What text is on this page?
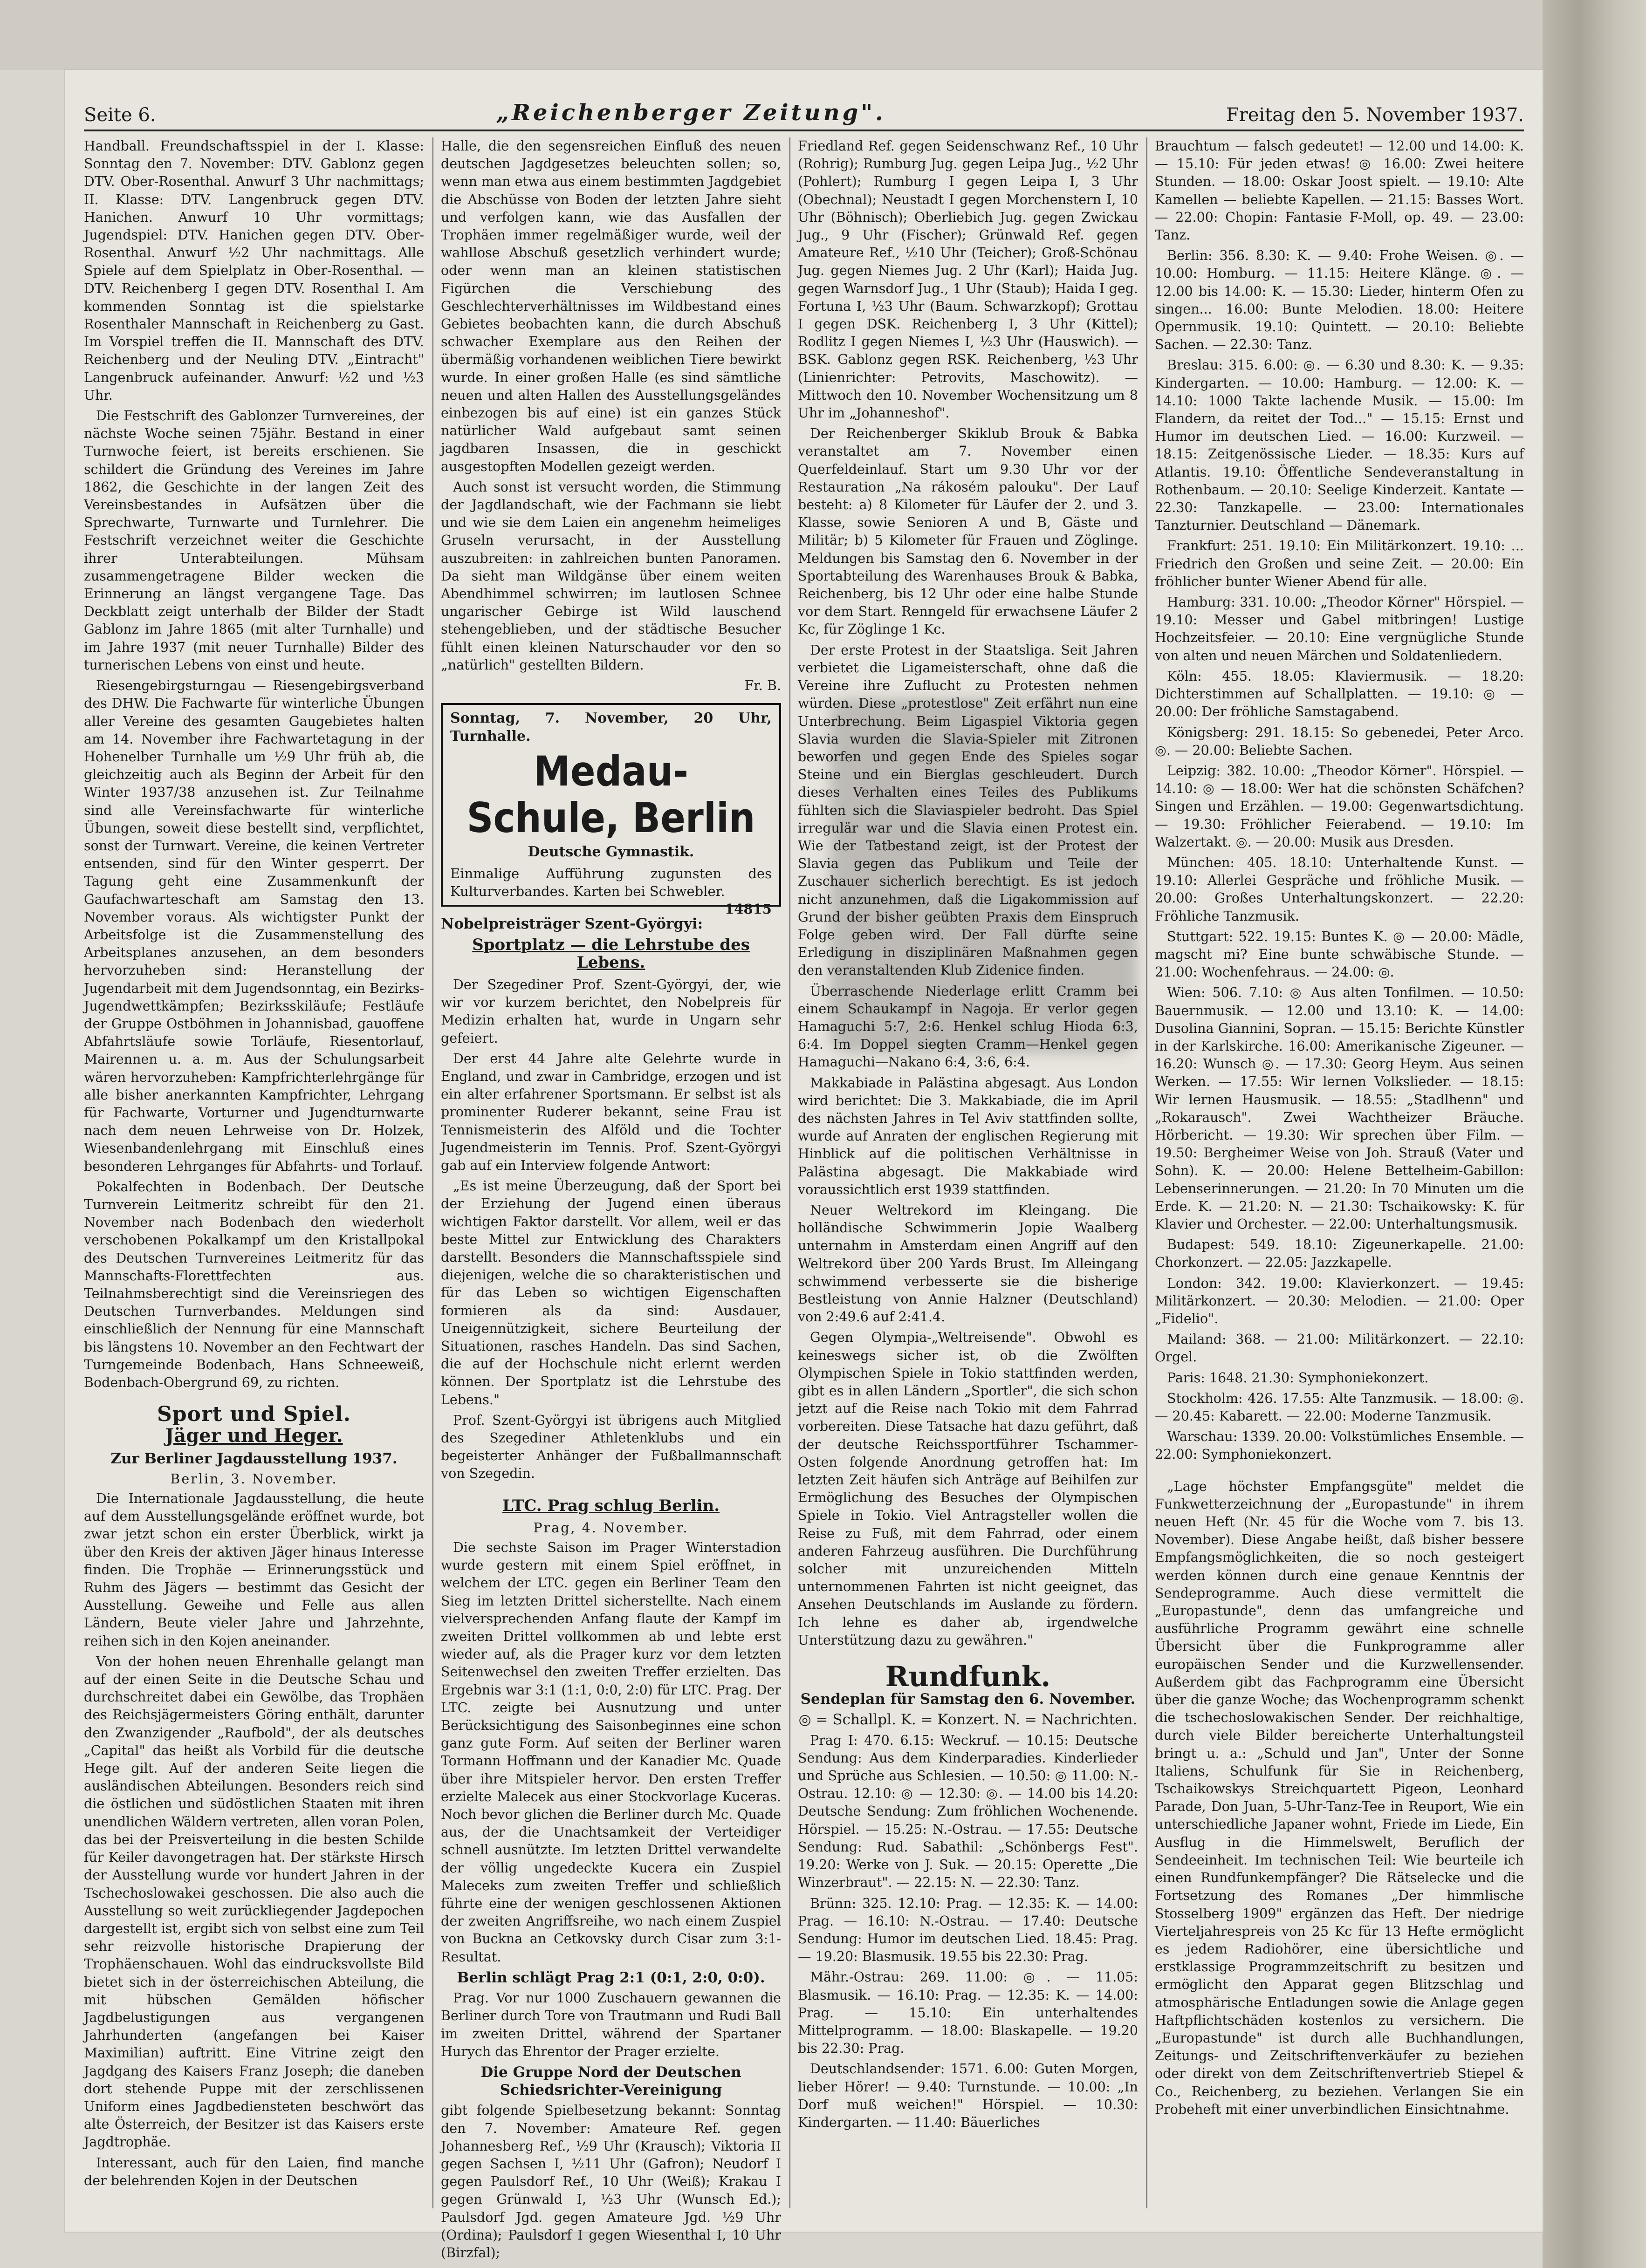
Seite 6.	„Reichenberger Zeitung".	Freitag den 5. November 1937.

Handball. Freundschaftsspiel in der I. Klasse: Sonntag den 7. November: DTV. Gablonz gegen DTV. Ober-Rosenthal. Anwurf 3 Uhr nachmittags; II. Klasse: DTV. Langenbruck gegen DTV. Hanichen. Anwurf 10 Uhr vormittags; Jugendspiel: DTV. Hanichen gegen DTV. Ober-Rosenthal. Anwurf ½2 Uhr nachmittags. Alle Spiele auf dem Spielplatz in Ober-Rosenthal. — DTV. Reichenberg I gegen DTV. Rosenthal I. Am kommenden Sonntag ist die spielstarke Rosenthaler Mannschaft in Reichenberg zu Gast. Im Vorspiel treffen die II. Mannschaft des DTV. Reichenberg und der Neuling DTV. „Eintracht" Langenbruck aufeinander. Anwurf: ½2 und ½3 Uhr.

Die Festschrift des Gablonzer Turnvereines, der nächste Woche seinen 75jähr. Bestand in einer Turnwoche feiert, ist bereits erschienen. Sie schildert die Gründung des Vereines im Jahre 1862, die Geschichte in der langen Zeit des Vereinsbestandes in Aufsätzen über die Sprechwarte, Turnwarte und Turnlehrer. Die Festschrift verzeichnet weiter die Geschichte ihrer Unterabteilungen. Mühsam zusammengetragene Bilder wecken die Erinnerung an längst vergangene Tage. Das Deckblatt zeigt unterhalb der Bilder der Stadt Gablonz im Jahre 1865 (mit alter Turnhalle) und im Jahre 1937 (mit neuer Turnhalle) Bilder des turnerischen Lebens von einst und heute.

Riesengebirgsturngau — Riesengebirgsverband des DHW. Die Fachwarte für winterliche Übungen aller Vereine des gesamten Gaugebietes halten am 14. November ihre Fachwartetagung in der Hohenelber Turnhalle um ½9 Uhr früh ab, die gleichzeitig auch als Beginn der Arbeit für den Winter 1937/38 anzusehen ist. Zur Teilnahme sind alle Vereinsfachwarte für winterliche Übungen, soweit diese bestellt sind, verpflichtet, sonst der Turnwart. Vereine, die keinen Vertreter entsenden, sind für den Winter gesperrt. Der Tagung geht eine Zusammenkunft der Gaufachwarteschaft am Samstag den 13. November voraus. Als wichtigster Punkt der Arbeitsfolge ist die Zusammenstellung des Arbeitsplanes anzusehen, an dem besonders hervorzuheben sind: Heranstellung der Jugendarbeit mit dem Jugendsonntag, ein Bezirks-Jugendwettkämpfen; Bezirksskiläufe; Festläufe der Gruppe Ostböhmen in Johannisbad, gauoffene Abfahrtsläufe sowie Torläufe, Riesentorlauf, Mairennen u. a. m. Aus der Schulungsarbeit wären hervorzuheben: Kampfrichterlehrgänge für alle bisher anerkannten Kampfrichter, Lehrgang für Fachwarte, Vorturner und Jugendturnwarte nach dem neuen Lehrweise von Dr. Holzek, Wiesenbandenlehrgang mit Einschluß eines besonderen Lehrganges für Abfahrts- und Torlauf.

Pokalfechten in Bodenbach. Der Deutsche Turnverein Leitmeritz schreibt für den 21. November nach Bodenbach den wiederholt verschobenen Pokalkampf um den Kristallpokal des Deutschen Turnvereines Leitmeritz für das Mannschafts-Florettfechten aus. Teilnahmsberechtigt sind die Vereinsriegen des Deutschen Turnverbandes. Meldungen sind einschließlich der Nennung für eine Mannschaft bis längstens 10. November an den Fechtwart der Turngemeinde Bodenbach, Hans Schneeweiß, Bodenbach-Obergrund 69, zu richten.

Sport und Spiel.
Jäger und Heger.
Zur Berliner Jagdausstellung 1937.
Berlin, 3. November.

Die Internationale Jagdausstellung, die heute auf dem Ausstellungsgelände eröffnet wurde, bot zwar jetzt schon ein erster Überblick, wirkt ja über den Kreis der aktiven Jäger hinaus Interesse finden. Die Trophäe — Erinnerungsstück und Ruhm des Jägers — bestimmt das Gesicht der Ausstellung. Geweihe und Felle aus allen Ländern, Beute vieler Jahre und Jahrzehnte, reihen sich in den Kojen aneinander.

Von der hohen neuen Ehrenhalle gelangt man auf der einen Seite in die Deutsche Schau und durchschreitet dabei ein Gewölbe, das Trophäen des Reichsjägermeisters Göring enthält, darunter den Zwanzigender „Raufbold", der als deutsches „Capital" das heißt als Vorbild für die deutsche Hege gilt. Auf der anderen Seite liegen die ausländischen Abteilungen. Besonders reich sind die östlichen und südöstlichen Staaten mit ihren unendlichen Wäldern vertreten, allen voran Polen, das bei der Preisverteilung in die besten Schilde für Keiler davongetragen hat. Der stärkste Hirsch der Ausstellung wurde vor hundert Jahren in der Tschechoslowakei geschossen. Die also auch die Ausstellung so weit zurückliegender Jagdepochen dargestellt ist, ergibt sich von selbst eine zum Teil sehr reizvolle historische Drapierung der Trophäenschauen. Wohl das eindrucksvollste Bild bietet sich in der österreichischen Abteilung, die mit hübschen Gemälden höfischer Jagdbelustigungen aus vergangenen Jahrhunderten (angefangen bei Kaiser Maximilian) auftritt. Eine Vitrine zeigt den Jagdgang des Kaisers Franz Joseph; die daneben dort stehende Puppe mit der zerschlissenen Uniform eines Jagdbediensteten beschwört das alte Österreich, der Besitzer ist das Kaisers erste Jagdtrophäe.

Interessant, auch für den Laien, find manche der belehrenden Kojen in der Deutschen

Halle, die den segensreichen Einfluß des neuen deutschen Jagdgesetzes beleuchten sollen; so, wenn man etwa aus einem bestimmten Jagdgebiet die Abschüsse von Boden der letzten Jahre sieht und verfolgen kann, wie das Ausfallen der Trophäen immer regelmäßiger wurde, weil der wahllose Abschuß gesetzlich verhindert wurde; oder wenn man an kleinen statistischen Figürchen die Verschiebung des Geschlechterverhältnisses im Wildbestand eines Gebietes beobachten kann, die durch Abschuß schwacher Exemplare aus den Reihen der übermäßig vorhandenen weiblichen Tiere bewirkt wurde. In einer großen Halle (es sind sämtliche neuen und alten Hallen des Ausstellungsgeländes einbezogen bis auf eine) ist ein ganzes Stück natürlicher Wald aufgebaut samt seinen jagdbaren Insassen, die in geschickt ausgestopften Modellen gezeigt werden.

Auch sonst ist versucht worden, die Stimmung der Jagdlandschaft, wie der Fachmann sie liebt und wie sie dem Laien ein angenehm heimeliges Gruseln verursacht, in der Ausstellung auszubreiten: in zahlreichen bunten Panoramen. Da sieht man Wildgänse über einem weiten Abendhimmel schwirren; im lautlosen Schnee ungarischer Gebirge ist Wild lauschend stehengeblieben, und der städtische Besucher fühlt einen kleinen Naturschauder vor den so „natürlich" gestellten Bildern.

Fr. B.
Sonntag, 7. November, 20 Uhr, Turnhalle.
Medau-Schule, Berlin
Deutsche Gymnastik.
Einmalige Aufführung zugunsten des Kulturverbandes. Karten bei Schwebler.
14815
Nobelpreisträger Szent-Györgyi:
Sportplatz — die Lehrstube des Lebens.

Der Szegediner Prof. Szent-Györgyi, der, wie wir vor kurzem berichtet, den Nobelpreis für Medizin erhalten hat, wurde in Ungarn sehr gefeiert.

Der erst 44 Jahre alte Gelehrte wurde in England, und zwar in Cambridge, erzogen und ist ein alter erfahrener Sportsmann. Er selbst ist als prominenter Ruderer bekannt, seine Frau ist Tennismeisterin des Alföld und die Tochter Jugendmeisterin im Tennis. Prof. Szent-Györgyi gab auf ein Interview folgende Antwort:

„Es ist meine Überzeugung, daß der Sport bei der Erziehung der Jugend einen überaus wichtigen Faktor darstellt. Vor allem, weil er das beste Mittel zur Entwicklung des Charakters darstellt. Besonders die Mannschaftsspiele sind diejenigen, welche die so charakteristischen und für das Leben so wichtigen Eigenschaften formieren als da sind: Ausdauer, Uneigennützigkeit, sichere Beurteilung der Situationen, rasches Handeln. Das sind Sachen, die auf der Hochschule nicht erlernt werden können. Der Sportplatz ist die Lehrstube des Lebens."

Prof. Szent-Györgyi ist übrigens auch Mitglied des Szegediner Athletenklubs und ein begeisterter Anhänger der Fußballmannschaft von Szegedin.

LTC. Prag schlug Berlin.
Prag, 4. November.

Die sechste Saison im Prager Winterstadion wurde gestern mit einem Spiel eröffnet, in welchem der LTC. gegen ein Berliner Team den Sieg im letzten Drittel sicherstellte. Nach einem vielversprechenden Anfang flaute der Kampf im zweiten Drittel vollkommen ab und lebte erst wieder auf, als die Prager kurz vor dem letzten Seitenwechsel den zweiten Treffer erzielten. Das Ergebnis war 3:1 (1:1, 0:0, 2:0) für LTC. Prag. Der LTC. zeigte bei Ausnutzung und unter Berücksichtigung des Saisonbeginnes eine schon ganz gute Form. Auf seiten der Berliner waren Tormann Hoffmann und der Kanadier Mc. Quade über ihre Mitspieler hervor. Den ersten Treffer erzielte Malecek aus einer Stockvorlage Kuceras. Noch bevor glichen die Berliner durch Mc. Quade aus, der die Unachtsamkeit der Verteidiger schnell ausnützte. Im letzten Drittel verwandelte der völlig ungedeckte Kucera ein Zuspiel Maleceks zum zweiten Treffer und schließlich führte eine der wenigen geschlossenen Aktionen der zweiten Angriffsreihe, wo nach einem Zuspiel von Buckna an Cetkovsky durch Cisar zum 3:1-Resultat.

Berlin schlägt Prag 2:1 (0:1, 2:0, 0:0).

Prag. Vor nur 1000 Zuschauern gewannen die Berliner durch Tore von Trautmann und Rudi Ball im zweiten Drittel, während der Spartaner Hurych das Ehrentor der Prager erzielte.

Die Gruppe Nord der Deutschen Schiedsrichter-Vereinigung

gibt folgende Spielbesetzung bekannt: Sonntag den 7. November: Amateure Ref. gegen Johannesberg Ref., ½9 Uhr (Krausch); Viktoria II gegen Sachsen I, ½11 Uhr (Gafron); Neudorf I gegen Paulsdorf Ref., 10 Uhr (Weiß); Krakau I gegen Grünwald I, ½3 Uhr (Wunsch Ed.); Paulsdorf Jgd. gegen Amateure Jgd. ½9 Uhr (Ordina); Paulsdorf I gegen Wiesenthal I, 10 Uhr (Birzfal);

Friedland Ref. gegen Seidenschwanz Ref., 10 Uhr (Rohrig); Rumburg Jug. gegen Leipa Jug., ½2 Uhr (Pohlert); Rumburg I gegen Leipa I, 3 Uhr (Obechnal); Neustadt I gegen Morchenstern I, 10 Uhr (Böhnisch); Oberliebich Jug. gegen Zwickau Jug., 9 Uhr (Fischer); Grünwald Ref. gegen Amateure Ref., ½10 Uhr (Teicher); Groß-Schönau Jug. gegen Niemes Jug. 2 Uhr (Karl); Haida Jug. gegen Warnsdorf Jug., 1 Uhr (Staub); Haida I geg. Fortuna I, ½3 Uhr (Baum. Schwarzkopf); Grottau I gegen DSK. Reichenberg I, 3 Uhr (Kittel); Rodlitz I gegen Niemes I, ½3 Uhr (Hauswich). — BSK. Gablonz gegen RSK. Reichenberg, ½3 Uhr (Linienrichter: Petrovits, Maschowitz). — Mittwoch den 10. November Wochensitzung um 8 Uhr im „Johanneshof".

Der Reichenberger Skiklub Brouk & Babka veranstaltet am 7. November einen Querfeldeinlauf. Start um 9.30 Uhr vor der Restauration „Na rákosém palouku". Der Lauf besteht: a) 8 Kilometer für Läufer der 2. und 3. Klasse, sowie Senioren A und B, Gäste und Militär; b) 5 Kilometer für Frauen und Zöglinge. Meldungen bis Samstag den 6. November in der Sportabteilung des Warenhauses Brouk & Babka, Reichenberg, bis 12 Uhr oder eine halbe Stunde vor dem Start. Renngeld für erwachsene Läufer 2 Kc, für Zöglinge 1 Kc.

Der erste Protest in der Staatsliga. Seit Jahren verbietet die Ligameisterschaft, ohne daß die Vereine ihre Zuflucht zu Protesten nehmen würden. Diese „protestlose" Zeit erfährt nun eine Unterbrechung. Beim Ligaspiel Viktoria gegen Slavia wurden die Slavia-Spieler mit Zitronen beworfen und gegen Ende des Spieles sogar Steine und ein Bierglas geschleudert. Durch dieses Verhalten eines Teiles des Publikums fühlten sich die Slaviaspieler bedroht. Das Spiel irregulär war und die Slavia einen Protest ein. Wie der Tatbestand zeigt, ist der Protest der Slavia gegen das Publikum und Teile der Zuschauer sicherlich berechtigt. Es ist jedoch nicht anzunehmen, daß die Ligakommission auf Grund der bisher geübten Praxis dem Einspruch Folge geben wird. Der Fall dürfte seine Erledigung in disziplinären Maßnahmen gegen den veranstaltenden Klub Zidenice finden.

Überraschende Niederlage erlitt Cramm bei einem Schaukampf in Nagoja. Er verlor gegen Hamaguchi 5:7, 2:6. Henkel schlug Hioda 6:3, 6:4. Im Doppel siegten Cramm—Henkel gegen Hamaguchi—Nakano 6:4, 3:6, 6:4.

Makkabiade in Palästina abgesagt. Aus London wird berichtet: Die 3. Makkabiade, die im April des nächsten Jahres in Tel Aviv stattfinden sollte, wurde auf Anraten der englischen Regierung mit Hinblick auf die politischen Verhältnisse in Palästina abgesagt. Die Makkabiade wird voraussichtlich erst 1939 stattfinden.

Neuer Weltrekord im Kleingang. Die holländische Schwimmerin Jopie Waalberg unternahm in Amsterdam einen Angriff auf den Weltrekord über 200 Yards Brust. Im Alleingang schwimmend verbesserte sie die bisherige Bestleistung von Annie Halzner (Deutschland) von 2:49.6 auf 2:41.4.

Gegen Olympia-„Weltreisende". Obwohl es keineswegs sicher ist, ob die Zwölften Olympischen Spiele in Tokio stattfinden werden, gibt es in allen Ländern „Sportler", die sich schon jetzt auf die Reise nach Tokio mit dem Fahrrad vorbereiten. Diese Tatsache hat dazu geführt, daß der deutsche Reichssportführer Tschammer-Osten folgende Anordnung getroffen hat: Im letzten Zeit häufen sich Anträge auf Beihilfen zur Ermöglichung des Besuches der Olympischen Spiele in Tokio. Viel Antragsteller wollen die Reise zu Fuß, mit dem Fahrrad, oder einem anderen Fahrzeug ausführen. Die Durchführung solcher mit unzureichenden Mitteln unternommenen Fahrten ist nicht geeignet, das Ansehen Deutschlands im Auslande zu fördern. Ich lehne es daher ab, irgendwelche Unterstützung dazu zu gewähren."

Rundfunk.
Sendeplan für Samstag den 6. November.
◎ = Schallpl. K. = Konzert. N. = Nachrichten.

Prag I: 470. 6.15: Weckruf. — 10.15: Deutsche Sendung: Aus dem Kinderparadies. Kinderlieder und Sprüche aus Schlesien. — 10.50: ◎ 11.00: N.-Ostrau. 12.10: ◎ — 12.30: ◎. — 14.00 bis 14.20: Deutsche Sendung: Zum fröhlichen Wochenende. Hörspiel. — 15.25: N.-Ostrau. — 17.55: Deutsche Sendung: Rud. Sabathil: „Schönbergs Fest". 19.20: Werke von J. Suk. — 20.15: Operette „Die Winzerbraut". — 22.15: N. — 22.30: Tanz.

Brünn: 325. 12.10: Prag. — 12.35: K. — 14.00: Prag. — 16.10: N.-Ostrau. — 17.40: Deutsche Sendung: Humor im deutschen Lied. 18.45: Prag. — 19.20: Blasmusik. 19.55 bis 22.30: Prag.

Mähr.-Ostrau: 269. 11.00: ◎. — 11.05: Blasmusik. — 16.10: Prag. — 12.35: K. — 14.00: Prag. — 15.10: Ein unterhaltendes Mittelprogramm. — 18.00: Blaskapelle. — 19.20 bis 22.30: Prag.

Deutschlandsender: 1571. 6.00: Guten Morgen, lieber Hörer! — 9.40: Turnstunde. — 10.00: „In Dorf muß weichen!" Hörspiel. — 10.30: Kindergarten. — 11.40: Bäuerliches

Brauchtum — falsch gedeutet! — 12.00 und 14.00: K. — 15.10: Für jeden etwas! ◎ 16.00: Zwei heitere Stunden. — 18.00: Oskar Joost spielt. — 19.10: Alte Kamellen — beliebte Kapellen. — 21.15: Basses Wort. — 22.00: Chopin: Fantasie F-Moll, op. 49. — 23.00: Tanz.

Berlin: 356. 8.30: K. — 9.40: Frohe Weisen. ◎. — 10.00: Homburg. — 11.15: Heitere Klänge. ◎. — 12.00 bis 14.00: K. — 15.30: Lieder, hinterm Ofen zu singen... 16.00: Bunte Melodien. 18.00: Heitere Opernmusik. 19.10: Quintett. — 20.10: Beliebte Sachen. — 22.30: Tanz.

Breslau: 315. 6.00: ◎. — 6.30 und 8.30: K. — 9.35: Kindergarten. — 10.00: Hamburg. — 12.00: K. — 14.10: 1000 Takte lachende Musik. — 15.00: Im Flandern, da reitet der Tod..." — 15.15: Ernst und Humor im deutschen Lied. — 16.00: Kurzweil. — 18.15: Zeitgenössische Lieder. — 18.35: Kurs auf Atlantis. 19.10: Öffentliche Sendeveranstaltung in Rothenbaum. — 20.10: Seelige Kinderzeit. Kantate — 22.30: Tanzkapelle. — 23.00: Internationales Tanzturnier. Deutschland — Dänemark.

Frankfurt: 251. 19.10: Ein Militärkonzert. 19.10: ... Friedrich den Großen und seine Zeit. — 20.00: Ein fröhlicher bunter Wiener Abend für alle.

Hamburg: 331. 10.00: „Theodor Körner" Hörspiel. — 19.10: Messer und Gabel mitbringen! Lustige Hochzeitsfeier. — 20.10: Eine vergnügliche Stunde von alten und neuen Märchen und Soldatenliedern.

Köln: 455. 18.05: Klaviermusik. — 18.20: Dichterstimmen auf Schallplatten. — 19.10: ◎ — 20.00: Der fröhliche Samstagabend.

Königsberg: 291. 18.15: So gebenedei, Peter Arco. ◎. — 20.00: Beliebte Sachen.

Leipzig: 382. 10.00: „Theodor Körner". Hörspiel. — 14.10: ◎ — 18.00: Wer hat die schönsten Schäfchen? Singen und Erzählen. — 19.00: Gegenwartsdichtung. — 19.30: Fröhlicher Feierabend. — 19.10: Im Walzertakt. ◎. — 20.00: Musik aus Dresden.

München: 405. 18.10: Unterhaltende Kunst. — 19.10: Allerlei Gespräche und fröhliche Musik. — 20.00: Großes Unterhaltungskonzert. — 22.20: Fröhliche Tanzmusik.

Stuttgart: 522. 19.15: Buntes K. ◎ — 20.00: Mädle, magscht mi? Eine bunte schwäbische Stunde. — 21.00: Wochenfehraus. — 24.00: ◎.

Wien: 506. 7.10: ◎ Aus alten Tonfilmen. — 10.50: Bauernmusik. — 12.00 und 13.10: K. — 14.00: Dusolina Giannini, Sopran. — 15.15: Berichte Künstler in der Karlskirche. 16.00: Amerikanische Zigeuner. — 16.20: Wunsch ◎. — 17.30: Georg Heym. Aus seinen Werken. — 17.55: Wir lernen Volkslieder. — 18.15: Wir lernen Hausmusik. — 18.55: „Stadlhenn" und „Rokarausch". Zwei Wachtheizer Bräuche. Hörbericht. — 19.30: Wir sprechen über Film. — 19.50: Bergheimer Weise von Joh. Strauß (Vater und Sohn). K. — 20.00: Helene Bettelheim-Gabillon: Lebenserinnerungen. — 21.20: In 70 Minuten um die Erde. K. — 21.20: N. — 21.30: Tschaikowsky: K. für Klavier und Orchester. — 22.00: Unterhaltungsmusik.

Budapest: 549. 18.10: Zigeunerkapelle. 21.00: Chorkonzert. — 22.05: Jazzkapelle.

London: 342. 19.00: Klavierkonzert. — 19.45: Militärkonzert. — 20.30: Melodien. — 21.00: Oper „Fidelio".

Mailand: 368. — 21.00: Militärkonzert. — 22.10: Orgel.

Paris: 1648. 21.30: Symphoniekonzert.

Stockholm: 426. 17.55: Alte Tanzmusik. — 18.00: ◎. — 20.45: Kabarett. — 22.00: Moderne Tanzmusik.

Warschau: 1339. 20.00: Volkstümliches Ensemble. — 22.00: Symphoniekonzert.

„Lage höchster Empfangsgüte" meldet die Funkwetterzeichnung der „Europastunde" in ihrem neuen Heft (Nr. 45 für die Woche vom 7. bis 13. November). Diese Angabe heißt, daß bisher bessere Empfangsmöglichkeiten, die so noch gesteigert werden können durch eine genaue Kenntnis der Sendeprogramme. Auch diese vermittelt die „Europastunde", denn das umfangreiche und ausführliche Programm gewährt eine schnelle Übersicht über die Funkprogramme aller europäischen Sender und die Kurzwellensender. Außerdem gibt das Fachprogramm eine Übersicht über die ganze Woche; das Wochenprogramm schenkt die tschechoslowakischen Sender. Der reichhaltige, durch viele Bilder bereicherte Unterhaltungsteil bringt u. a.: „Schuld und Jan", Unter der Sonne Italiens, Schulfunk für Sie in Reichenberg, Tschaikowskys Streichquartett Pigeon, Leonhard Parade, Don Juan, 5-Uhr-Tanz-Tee in Reuport, Wie ein unterschiedliche Japaner wohnt, Friede im Liede, Ein Ausflug in die Himmelswelt, Beruflich der Sendeeinheit. Im technischen Teil: Wie beurteile ich einen Rundfunkempfänger? Die Rätselecke und die Fortsetzung des Romanes „Der himmlische Stosselberg 1909" ergänzen das Heft. Der niedrige Vierteljahrespreis von 25 Kc für 13 Hefte ermöglicht es jedem Radiohörer, eine übersichtliche und erstklassige Programmzeitschrift zu besitzen und ermöglicht den Apparat gegen Blitzschlag und atmosphärische Entladungen sowie die Anlage gegen Haftpflichtschäden kostenlos zu versichern. Die „Europastunde" ist durch alle Buchhandlungen, Zeitungs- und Zeitschriftenverkäufer zu beziehen oder direkt von dem Zeitschriftenvertrieb Stiepel & Co., Reichenberg, zu beziehen. Verlangen Sie ein Probeheft mit einer unverbindlichen Einsichtnahme.
